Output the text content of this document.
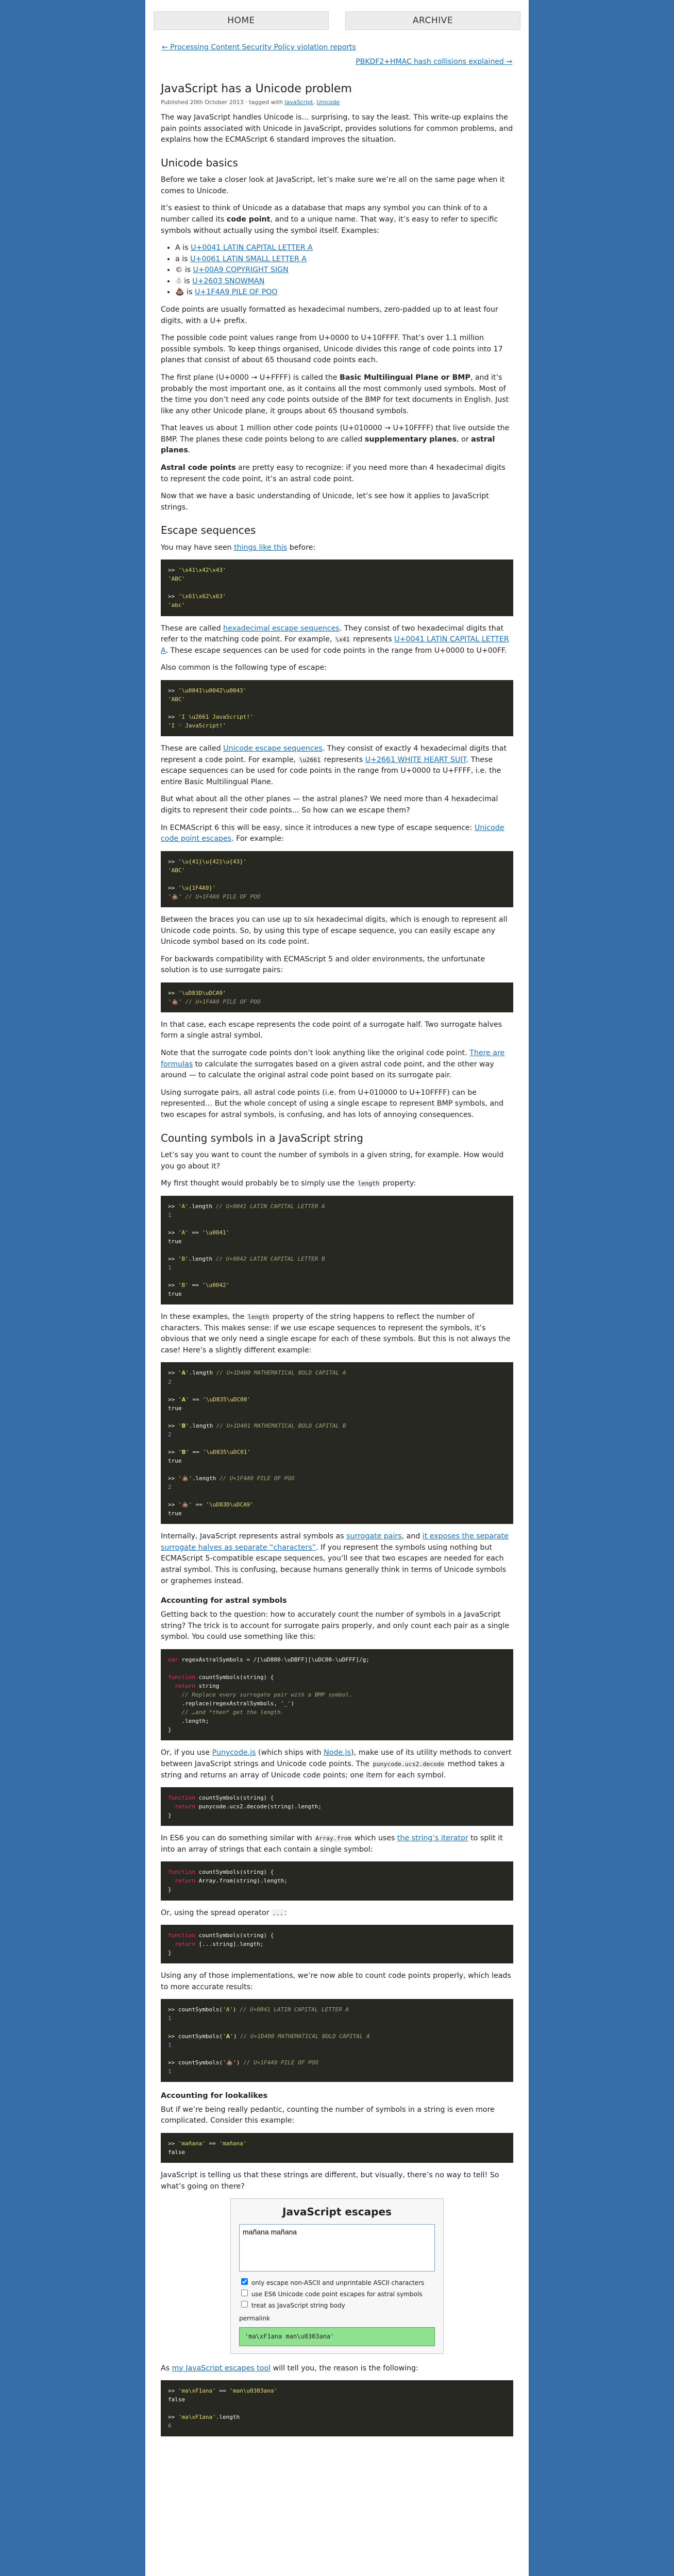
HOME	ARCHIVE
← Processing Content Security Policy violation reports
PBKDF2+HMAC hash collisions explained →
JavaScript has a Unicode problem
Published 20th October 2013 · tagged with JavaScript, Unicode

The way JavaScript handles Unicode is… surprising, to say the least. This write-up explains the pain points associated with Unicode in JavaScript, provides solutions for common problems, and explains how the ECMAScript 6 standard improves the situation.

Unicode basics

Before we take a closer look at JavaScript, let’s make sure we’re all on the same page when it comes to Unicode.

It’s easiest to think of Unicode as a database that maps any symbol you can think of to a number called its code point, and to a unique name. That way, it’s easy to refer to specific symbols without actually using the symbol itself. Examples:

• A is U+0041 LATIN CAPITAL LETTER A
• a is U+0061 LATIN SMALL LETTER A
• © is U+00A9 COPYRIGHT SIGN
• ☃ is U+2603 SNOWMAN
• 💩 is U+1F4A9 PILE OF POO

Code points are usually formatted as hexadecimal numbers, zero-padded up to at least four digits, with a U+ prefix.

The possible code point values range from U+0000 to U+10FFFF. That’s over 1.1 million possible symbols. To keep things organised, Unicode divides this range of code points into 17 planes that consist of about 65 thousand code points each.

The first plane (U+0000 → U+FFFF) is called the Basic Multilingual Plane or BMP, and it’s probably the most important one, as it contains all the most commonly used symbols. Most of the time you don’t need any code points outside of the BMP for text documents in English. Just like any other Unicode plane, it groups about 65 thousand symbols.

That leaves us about 1 million other code points (U+010000 → U+10FFFF) that live outside the BMP. The planes these code points belong to are called supplementary planes, or astral planes.

Astral code points are pretty easy to recognize: if you need more than 4 hexadecimal digits to represent the code point, it’s an astral code point.

Now that we have a basic understanding of Unicode, let’s see how it applies to JavaScript strings.

Escape sequences

You may have seen things like this before:

>> '\x41\x42\x43'
'ABC'

>> '\x61\x62\x63'
'abc'

These are called hexadecimal escape sequences. They consist of two hexadecimal digits that refer to the matching code point. For example, \x41 represents U+0041 LATIN CAPITAL LETTER A. These escape sequences can be used for code points in the range from U+0000 to U+00FF.

Also common is the following type of escape:

>> '\u0041\u0042\u0043'
'ABC'

>> 'I \u2661 JavaScript!'
'I ♡ JavaScript!'

These are called Unicode escape sequences. They consist of exactly 4 hexadecimal digits that represent a code point. For example, \u2661 represents U+2661 WHITE HEART SUIT. These escape sequences can be used for code points in the range from U+0000 to U+FFFF, i.e. the entire Basic Multilingual Plane.

But what about all the other planes — the astral planes? We need more than 4 hexadecimal digits to represent their code points… So how can we escape them?

In ECMAScript 6 this will be easy, since it introduces a new type of escape sequence: Unicode code point escapes. For example:

>> '\u{41}\u{42}\u{43}'
'ABC'

>> '\u{1F4A9}'
'💩' // U+1F4A9 PILE OF POO

Between the braces you can use up to six hexadecimal digits, which is enough to represent all Unicode code points. So, by using this type of escape sequence, you can easily escape any Unicode symbol based on its code point.

For backwards compatibility with ECMAScript 5 and older environments, the unfortunate solution is to use surrogate pairs:

>> '\uD83D\uDCA9'
'💩' // U+1F4A9 PILE OF POO

In that case, each escape represents the code point of a surrogate half. Two surrogate halves form a single astral symbol.

Note that the surrogate code points don’t look anything like the original code point. There are formulas to calculate the surrogates based on a given astral code point, and the other way around — to calculate the original astral code point based on its surrogate pair.

Using surrogate pairs, all astral code points (i.e. from U+010000 to U+10FFFF) can be represented… But the whole concept of using a single escape to represent BMP symbols, and two escapes for astral symbols, is confusing, and has lots of annoying consequences.

Counting symbols in a JavaScript string

Let’s say you want to count the number of symbols in a given string, for example. How would you go about it?

My first thought would probably be to simply use the length property:

>> 'A'.length // U+0041 LATIN CAPITAL LETTER A
1

>> 'A' == '\u0041'
true

>> 'B'.length // U+0042 LATIN CAPITAL LETTER B
1

>> 'B' == '\u0042'
true

In these examples, the length property of the string happens to reflect the number of characters. This makes sense: if we use escape sequences to represent the symbols, it’s obvious that we only need a single escape for each of these symbols. But this is not always the case! Here’s a slightly different example:

>> '𝐀'.length // U+1D400 MATHEMATICAL BOLD CAPITAL A
2

>> '𝐀' == '\uD835\uDC00'
true

>> '𝐁'.length // U+1D401 MATHEMATICAL BOLD CAPITAL B
2

>> '𝐁' == '\uD835\uDC01'
true

>> '💩'.length // U+1F4A9 PILE OF POO
2

>> '💩' == '\uD83D\uDCA9'
true

Internally, JavaScript represents astral symbols as surrogate pairs, and it exposes the separate surrogate halves as separate “characters”. If you represent the symbols using nothing but ECMAScript 5-compatible escape sequences, you’ll see that two escapes are needed for each astral symbol. This is confusing, because humans generally think in terms of Unicode symbols or graphemes instead.

Accounting for astral symbols

Getting back to the question: how to accurately count the number of symbols in a JavaScript string? The trick is to account for surrogate pairs properly, and only count each pair as a single symbol. You could use something like this:

var regexAstralSymbols = /[\uD800-\uDBFF][\uDC00-\uDFFF]/g;

function countSymbols(string) {
return string
// Replace every surrogate pair with a BMP symbol.
.replace(regexAstralSymbols, '_')
// …and *then* get the length.
.length;
}

Or, if you use Punycode.js (which ships with Node.js), make use of its utility methods to convert between JavaScript strings and Unicode code points. The punycode.ucs2.decode method takes a string and returns an array of Unicode code points; one item for each symbol.

function countSymbols(string) {
return punycode.ucs2.decode(string).length;
}

In ES6 you can do something similar with Array.from which uses the string’s iterator to split it into an array of strings that each contain a single symbol:

function countSymbols(string) {
return Array.from(string).length;
}

Or, using the spread operator ... :

function countSymbols(string) {
return [...string].length;
}

Using any of those implementations, we’re now able to count code points properly, which leads to more accurate results:

>> countSymbols('A') // U+0041 LATIN CAPITAL LETTER A
1

>> countSymbols('𝐀') // U+1D400 MATHEMATICAL BOLD CAPITAL A
1

>> countSymbols('💩') // U+1F4A9 PILE OF POO
1
Accounting for lookalikes

But if we’re being really pedantic, counting the number of symbols in a string is even more complicated. Consider this example:

>> 'mañana' == 'mañana'
false

JavaScript is telling us that these strings are different, but visually, there’s no way to tell! So what’s going on there?

JavaScript escapes
mañana mañana
only escape non-ASCII and unprintable ASCII characters
use ES6 Unicode code point escapes for astral symbols
treat as JavaScript string body
permalink
'ma\xF1ana man\u0303ana'

As my JavaScript escapes tool will tell you, the reason is the following:

>> 'ma\xF1ana' == 'man\u0303ana'
false

>> 'ma\xF1ana'.length
6
